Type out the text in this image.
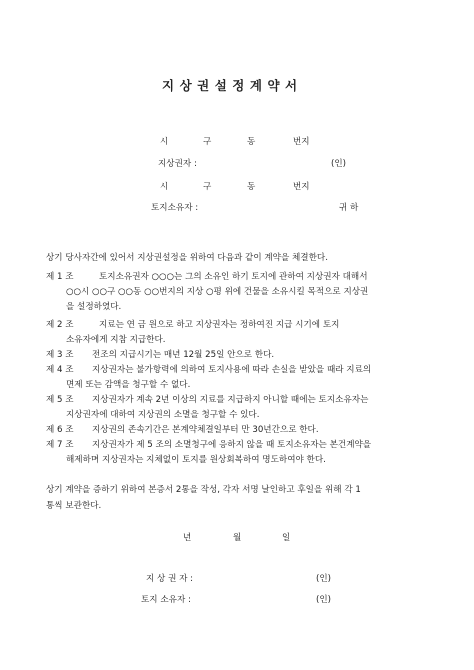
지상권설정계약서
시	구	동	번지
지상권자 :	(인)
시	구	동	번지
토지소유자 :	귀 하
상기 당사자간에 있어서 지상권설정을 위하여 다음과 같이 계약을 체결한다.
제 1 조	토지소유권자 ○○○는 그의 소유인 하기 토지에 관하여 지상권자 대해서
○○시 ○○구 ○○동 ○○번지의 지상 ○평 위에 건물을 소유시킬 목적으로 지상권
을 설정하였다.
제 2 조	지료는 연 금 원으로 하고 지상권자는 정하여진 지급 시기에 토지
소유자에게 지참 지급한다.
제 3 조 전조의 지급시기는 매년 12월 25일 안으로 한다.
제 4 조 지상권자는 불가항력에 의하여 토지사용에 따라 손실을 받았을 때라 지료의
면제 또는 감액을 청구할 수 없다.
제 5 조 지상권자가 계속 2년 이상의 지료를 지급하지 아니할 때에는 토지소유자는
지상권자에 대하여 지상권의 소멸을 청구할 수 있다.
제 6 조 지상권의 존속기간은 본계약체결일부터 만 30년간으로 한다.
제 7 조 지상권자가 제 5 조의 소멸청구에 응하지 않을 때 토지소유자는 본건계약을
해제하며 지상권자는 지체없이 토지를 원상회복하여 명도하여야 한다.
상기 계약을 증하기 위하여 본증서 2통을 작성, 각자 서명 날인하고 후일을 위해 각 1
통씩 보관한다.
년	월	일
지 상 권 자 :	(인)
토지 소유자 :	(인)
